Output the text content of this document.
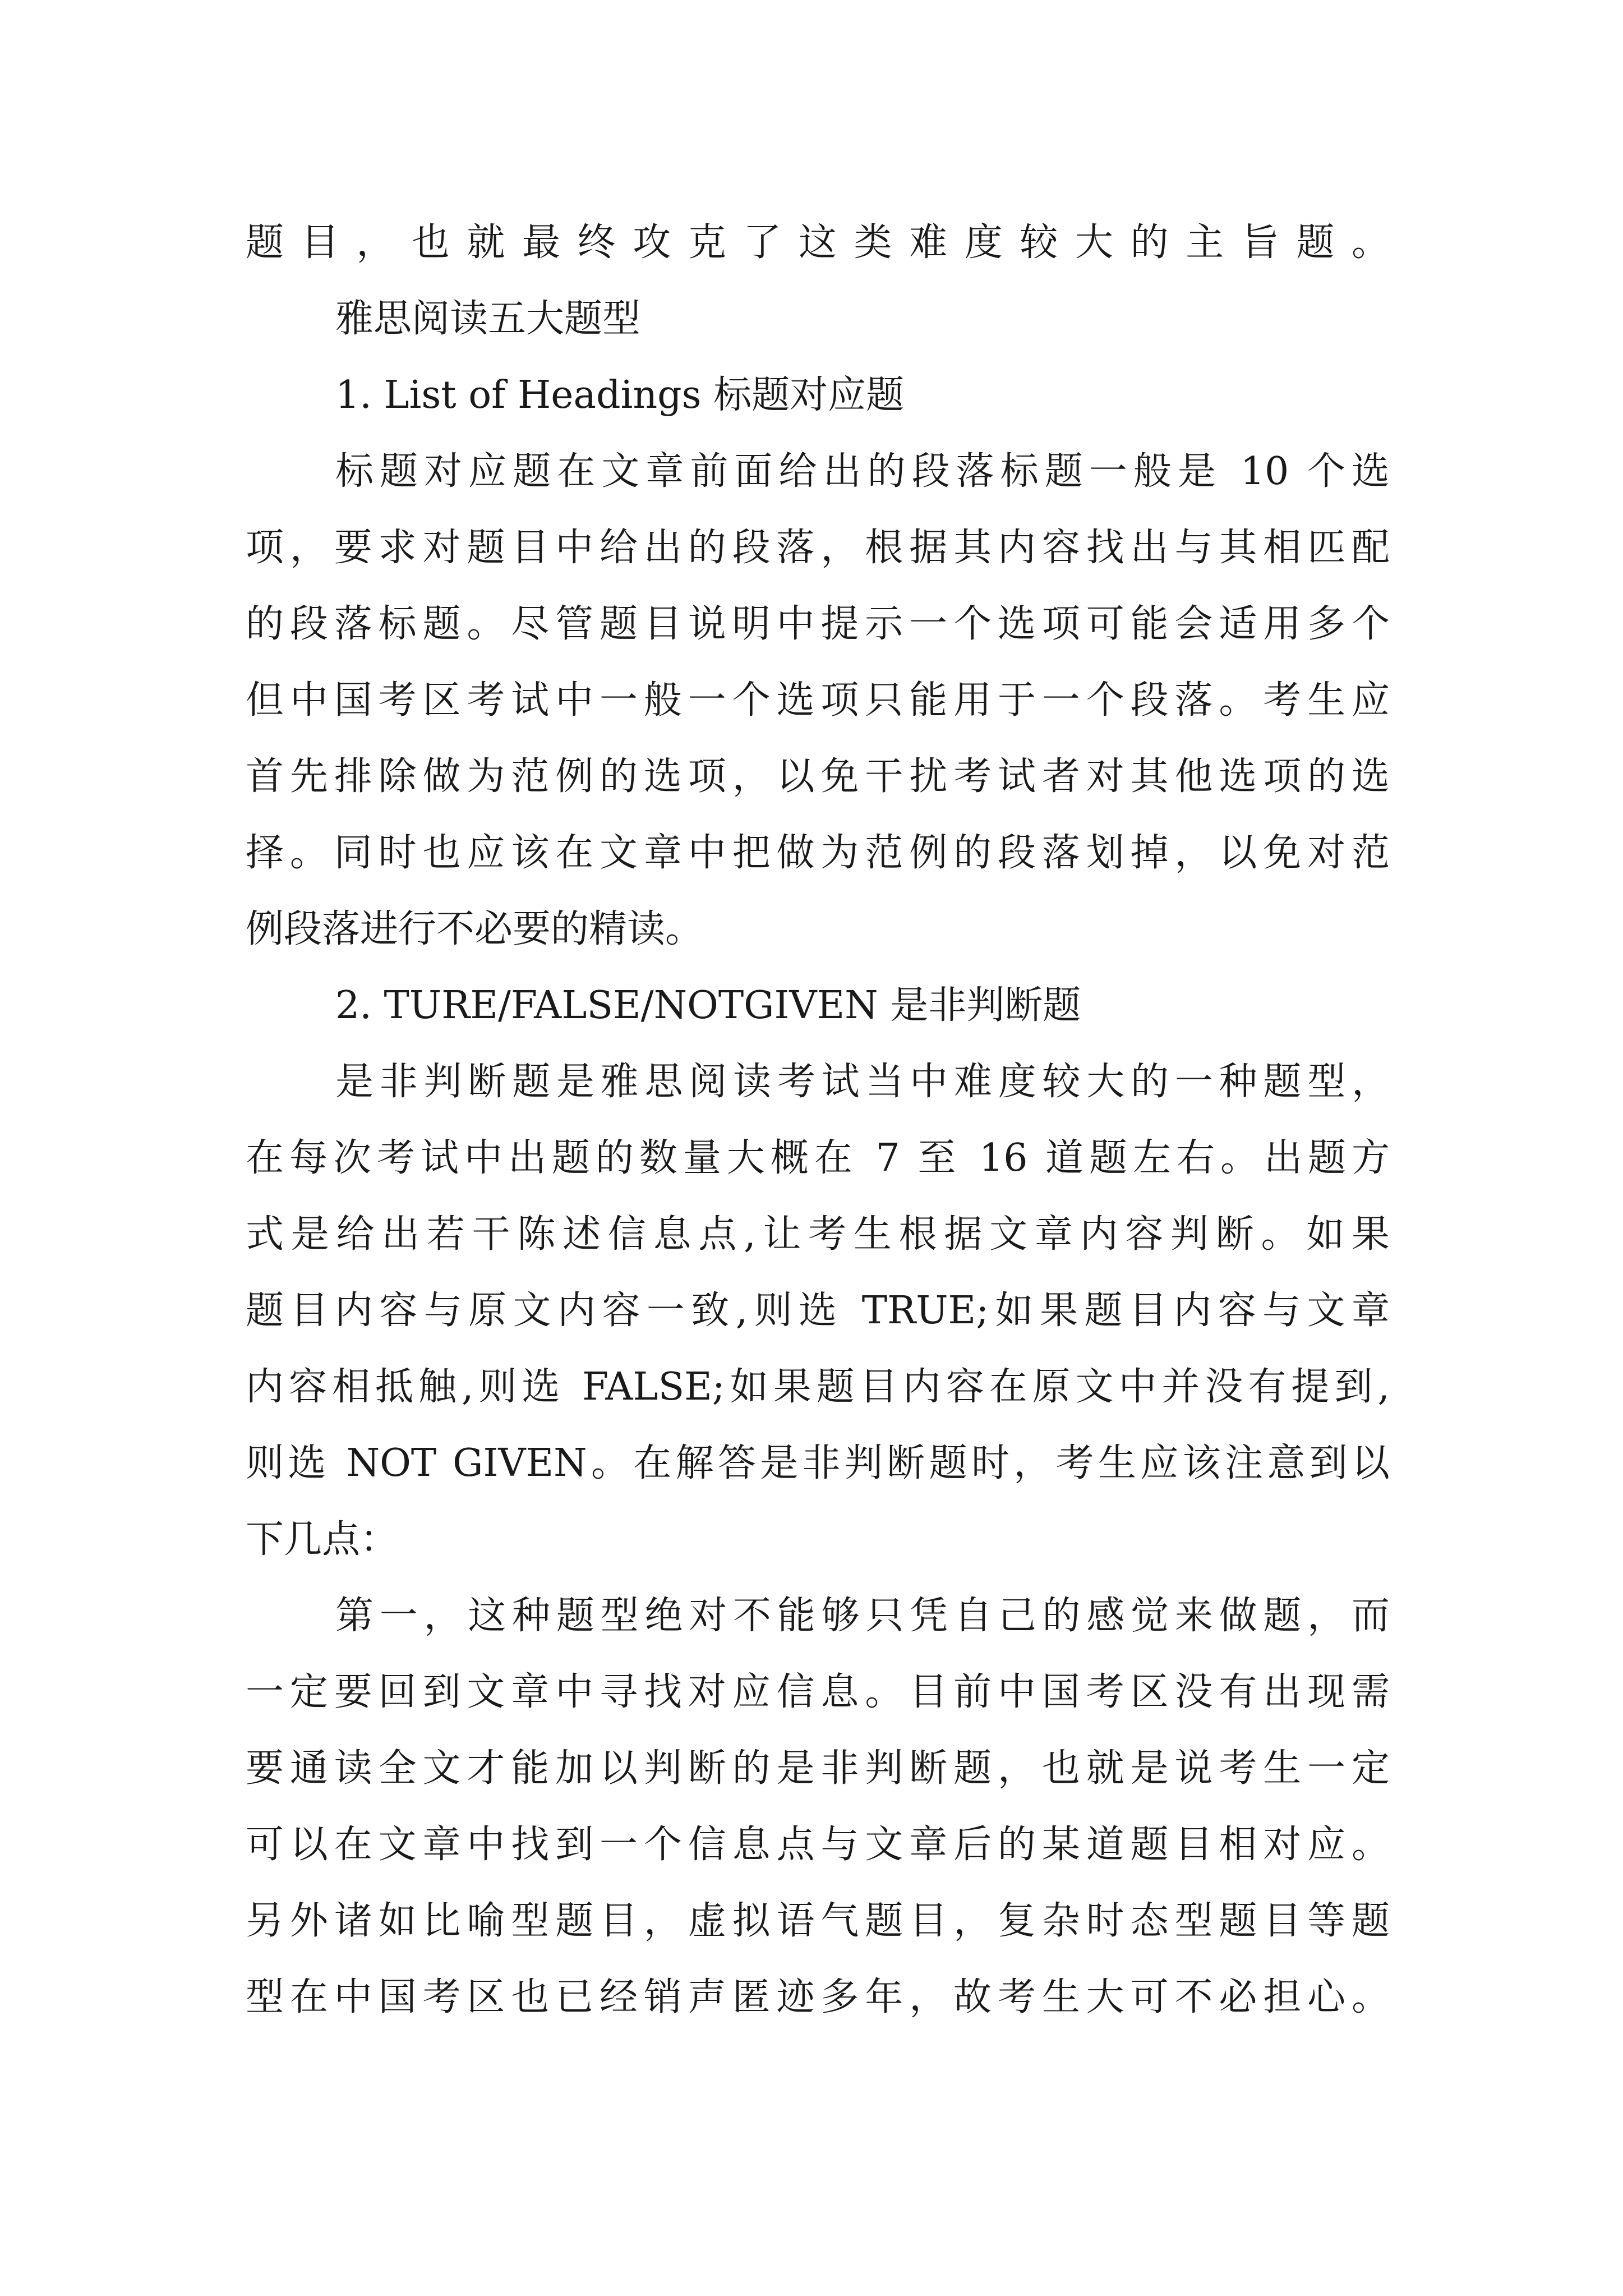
题目，也就最终攻克了这类难度较大的主旨题。
雅思阅读五大题型
1. List of Headings 标题对应题
标题对应题在文章前面给出的段落标题一般是 10 个选
项，要求对题目中给出的段落，根据其内容找出与其相匹配
的段落标题。尽管题目说明中提示一个选项可能会适用多个
但中国考区考试中一般一个选项只能用于一个段落。考生应
首先排除做为范例的选项，以免干扰考试者对其他选项的选
择。同时也应该在文章中把做为范例的段落划掉，以免对范
例段落进行不必要的精读。
2. TURE/FALSE/NOTGIVEN 是非判断题
是非判断题是雅思阅读考试当中难度较大的一种题型，
在每次考试中出题的数量大概在 7 至 16 道题左右。出题方
式是给出若干陈述信息点,让考生根据文章内容判断。如果
题目内容与原文内容一致,则选 TRUE;如果题目内容与文章
内容相抵触,则选 FALSE;如果题目内容在原文中并没有提到,
则选 NOT GIVEN。在解答是非判断题时，考生应该注意到以
下几点：
第一，这种题型绝对不能够只凭自己的感觉来做题，而
一定要回到文章中寻找对应信息。目前中国考区没有出现需
要通读全文才能加以判断的是非判断题，也就是说考生一定
可以在文章中找到一个信息点与文章后的某道题目相对应。
另外诸如比喻型题目，虚拟语气题目，复杂时态型题目等题
型在中国考区也已经销声匿迹多年，故考生大可不必担心。
